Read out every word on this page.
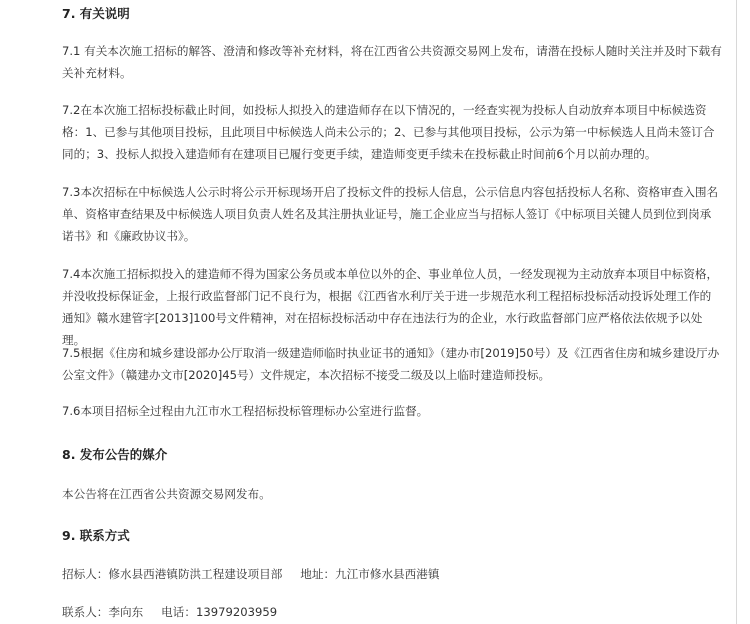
7. 有关说明
7.1 有关本次施工招标的解答、澄清和修改等补充材料，将在江西省公共资源交易网上发布，请潜在投标人随时关注并及时下载有关补充材料。
7.2在本次施工招标投标截止时间，如投标人拟投入的建造师存在以下情况的，一经查实视为投标人自动放弃本项目中标候选资格：1、已参与其他项目投标，且此项目中标候选人尚未公示的；2、已参与其他项目投标，公示为第一中标候选人且尚未签订合同的；3、投标人拟投入建造师有在建项目已履行变更手续，建造师变更手续未在投标截止时间前6个月以前办理的。
7.3本次招标在中标候选人公示时将公示开标现场开启了投标文件的投标人信息，公示信息内容包括投标人名称、资格审查入围名单、资格审查结果及中标候选人项目负责人姓名及其注册执业证号，施工企业应当与招标人签订《中标项目关键人员到位到岗承诺书》和《廉政协议书》。
7.4本次施工招标拟投入的建造师不得为国家公务员或本单位以外的企、事业单位人员，一经发现视为主动放弃本项目中标资格，并没收投标保证金，上报行政监督部门记不良行为，根据《江西省水利厅关于进一步规范水利工程招标投标活动投诉处理工作的通知》赣水建管字[2013]100号文件精神，对在招标投标活动中存在违法行为的企业，水行政监督部门应严格依法依规予以处理。
7.5根据《住房和城乡建设部办公厅取消一级建造师临时执业证书的通知》（建办市[2019]50号）及《江西省住房和城乡建设厅办公室文件》（赣建办文市[2020]45号）文件规定，本次招标不接受二级及以上临时建造师投标。
7.6本项目招标全过程由九江市水工程招标投标管理标办公室进行监督。
8. 发布公告的媒介
本公告将在江西省公共资源交易网发布。
9. 联系方式
招标人：修水县西港镇防洪工程建设项目部 地址：九江市修水县西港镇
联系人：李向东 电话：13979203959
